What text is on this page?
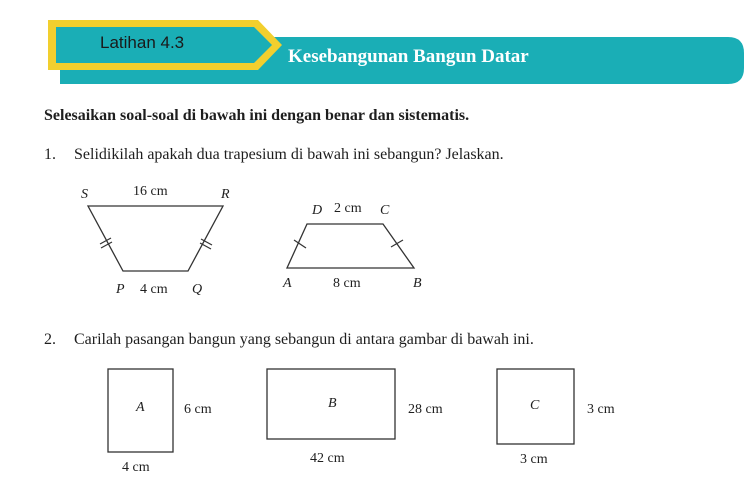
Latihan 4.3
Kesebangunan Bangun Datar
Selesaikan soal-soal di bawah ini dengan benar dan sistematis.
1. Selidikilah apakah dua trapesium di bawah ini sebangun? Jelaskan.
S	16 cm	R
P 4 cm Q
D 2 cm C
A	8 cm	B
2. Carilah pasangan bangun yang sebangun di antara gambar di bawah ini.
A	6 cm
4 cm
B	28 cm
42 cm
C	3 cm
3 cm
